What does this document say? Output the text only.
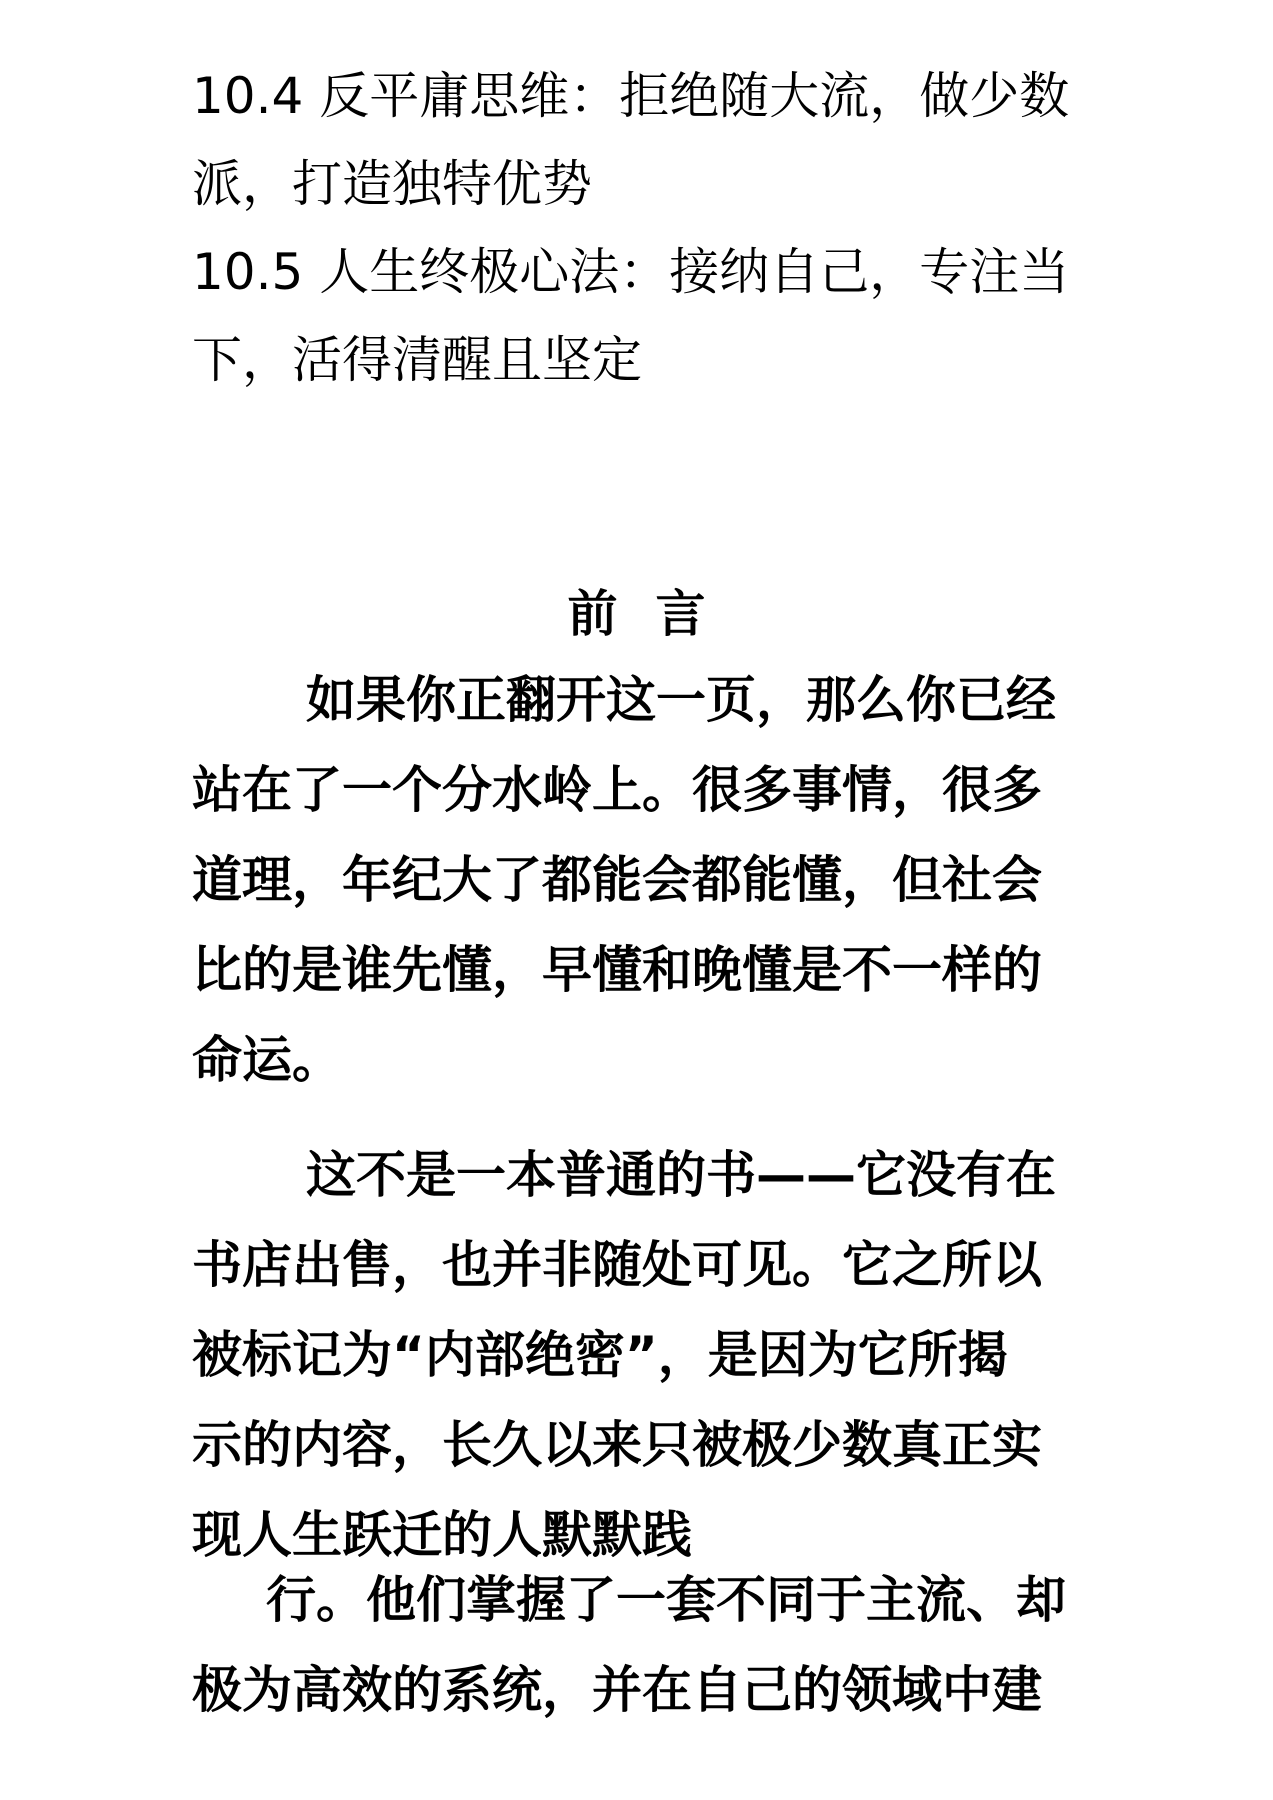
10.4 反平庸思维：拒绝随大流，做少数
派，打造独特优势
10.5 人生终极心法：接纳自己，专注当
下，活得清醒且坚定
前言
如果你正翻开这一页，那么你已经
站在了一个分水岭上。很多事情，很多
道理，年纪大了都能会都能懂，但社会
比的是谁先懂，早懂和晚懂是不一样的
命运。
这不是一本普通的书——它没有在
书店出售，也并非随处可见。它之所以
被标记为“内部绝密”，是因为它所揭
示的内容，长久以来只被极少数真正实
现人生跃迁的人默默践
行。他们掌握了一套不同于主流、却
极为高效的系统，并在自己的领域中建
